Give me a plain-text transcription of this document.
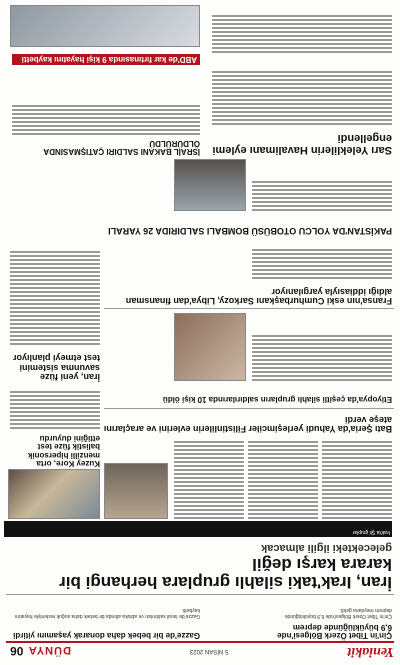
Yeniakit
5 NİSAN 2023
DÜNYA 06
Çin'in Tibet Özerk Bölgesi'nde 6,9 büyüklüğünde deprem
Çin'in Tibet Özerk Bölgesi'nde 6,9 büyüklüğünde deprem meydana geldi.
Gazze'de bir bebek daha donarak yaşamını yitirdi
Gazze'de İsrail saldırıları ve abluka altında bir bebek daha soğuk nedeniyle hayatını kaybetti.
İran, Irak'taki silahlı gruplara herhangi bir karara karşı değil
gelecekteki ilgili almacak
Irak'ta Şii gruplar
Kuzey Kore, orta menzilli hipersonik balistik füze test ettiğini duyurdu
Batı Şeria'da Yahudi yerleşimciler Filistinlilerin evlerini ve araçlarını ateşe verdi
İran, yeni füze savunma sistemini test etmeyi planlıyor
Etiyopya'da çeşitli silahlı grupların saldırılarında 10 kişi öldü
Fransa'nın eski Cumhurbaşkanı Sarkozy, Libya'dan finansman aldığı iddiasıyla yargılanıyor
PAKİSTAN'DA YOLCU OTOBÜSÜ BOMBALI SALDIRIDA 26 YARALI
Sarı Yeleklilerin Havalimanı eylemi engellendi
İSRAİL BAKANI SALDIRI ÇATIŞMASINDA ÖLDÜRÜLDÜ
ABD'de kar fırtınasında 9 kişi hayatını kaybetti
